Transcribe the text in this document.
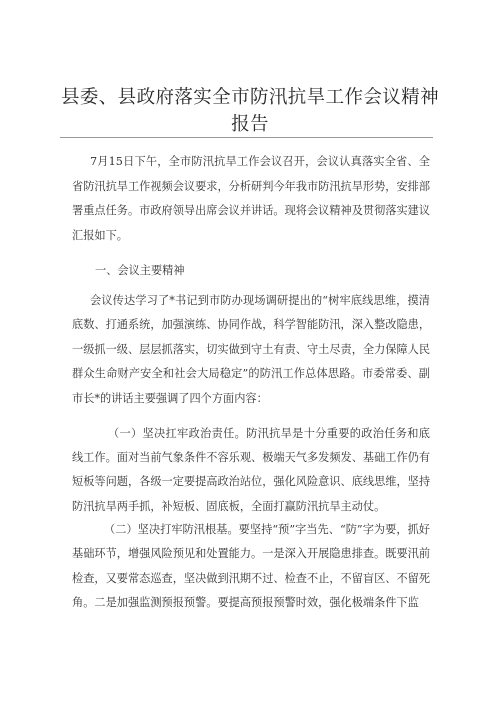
县委、县政府落实全市防汛抗旱工作会议精神报告

7月15日下午，全市防汛抗旱工作会议召开，会议认真落实全省、全省防汛抗旱工作视频会议要求，分析研判今年我市防汛抗旱形势，安排部署重点任务。市政府领导出席会议并讲话。现将会议精神及贯彻落实建议汇报如下。

一、会议主要精神

会议传达学习了*书记到市防办现场调研提出的“树牢底线思维，摸清底数、打通系统，加强演练、协同作战，科学智能防汛，深入整改隐患，一级抓一级、层层抓落实，切实做到守土有责、守土尽责，全力保障人民群众生命财产安全和社会大局稳定”的防汛工作总体思路。市委常委、副市长*的讲话主要强调了四个方面内容：

（一）坚决扛牢政治责任。防汛抗旱是十分重要的政治任务和底线工作。面对当前气象条件不容乐观、极端天气多发频发、基础工作仍有短板等问题，各级一定要提高政治站位，强化风险意识、底线思维，坚持防汛抗旱两手抓，补短板、固底板，全面打赢防汛抗旱主动仗。

（二）坚决打牢防汛根基。要坚持“预”字当先、“防”字为要，抓好基础环节，增强风险预见和处置能力。一是深入开展隐患排查。既要汛前检查，又要常态巡查，坚决做到汛期不过、检查不止，不留盲区、不留死角。二是加强监测预报预警。要提高预报预警时效，强化极端条件下监
